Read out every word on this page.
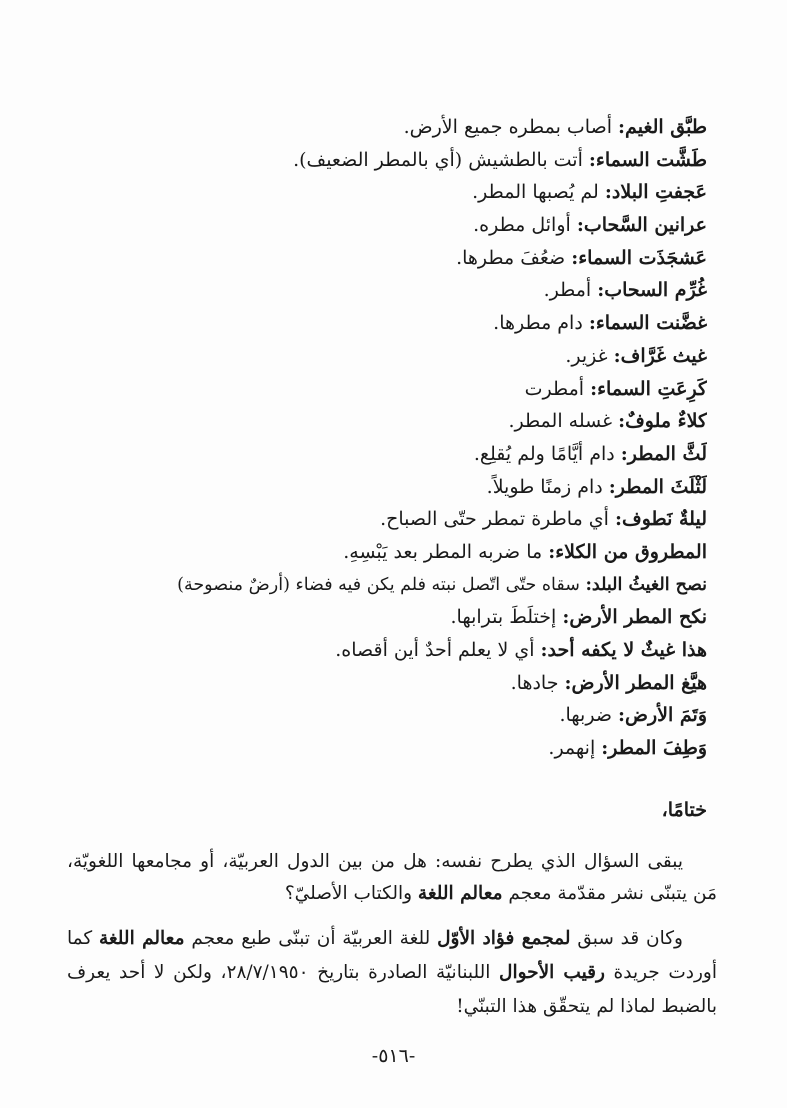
طبَّق الغيم: أصاب بمطره جميع الأرض.
طَشَّت السماء: أتت بالطشيش (أي بالمطر الضعيف).
عَجفتِ البلاد: لم يُصبها المطر.
عرانين السَّحاب: أوائل مطره.
عَشجَذَت السماء: ضعُفَ مطرها.
غُرِّم السحاب: أمطر.
غضَّنت السماء: دام مطرها.
غيث غَرَّاف: غزير.
كَرِعَتِ السماء: أمطرت
كلاءٌ ملوفٌ: غسله المطر.
لَثَّ المطر: دام أيَّامًا ولم يُقلِع.
لَثْلَثَ المطر: دام زمنًا طويلاً.
ليلةٌ نَطوف: أي ماطرة تمطر حتّى الصباح.
المطروق من الكلاء: ما ضربه المطر بعد يَبْسِهِ.
نصح الغيثُ البلد: سقاه حتّى اتّصل نبته فلم يكن فيه فضاء (أرضٌ منصوحة)
نكح المطر الأرض: إختلَطَ بترابها.
هذا غيثٌ لا يكفه أحد: أي لا يعلم أحدٌ أين أقصاه.
هيَّغ المطر الأرض: جادها.
وَتَمَ الأرض: ضربها.
وَطِفَ المطر: إنهمر.
ختامًا،

يبقى السؤال الذي يطرح نفسه: هل من بين الدول العربيّة، أو مجامعها اللغويّة، مَن يتبنّى نشر مقدّمة معجم معالم اللغة والكتاب الأصليّ؟

وكان قد سبق لمجمع فؤاد الأوّل للغة العربيّة أن تبنّى طبع معجم معالم اللغة كما أوردت جريدة رقيب الأحوال اللبنانيّة الصادرة بتاريخ ٢٨/٧/١٩٥٠، ولكن لا أحد يعرف بالضبط لماذا لم يتحقّق هذا التبنّي!

-٥١٦-
